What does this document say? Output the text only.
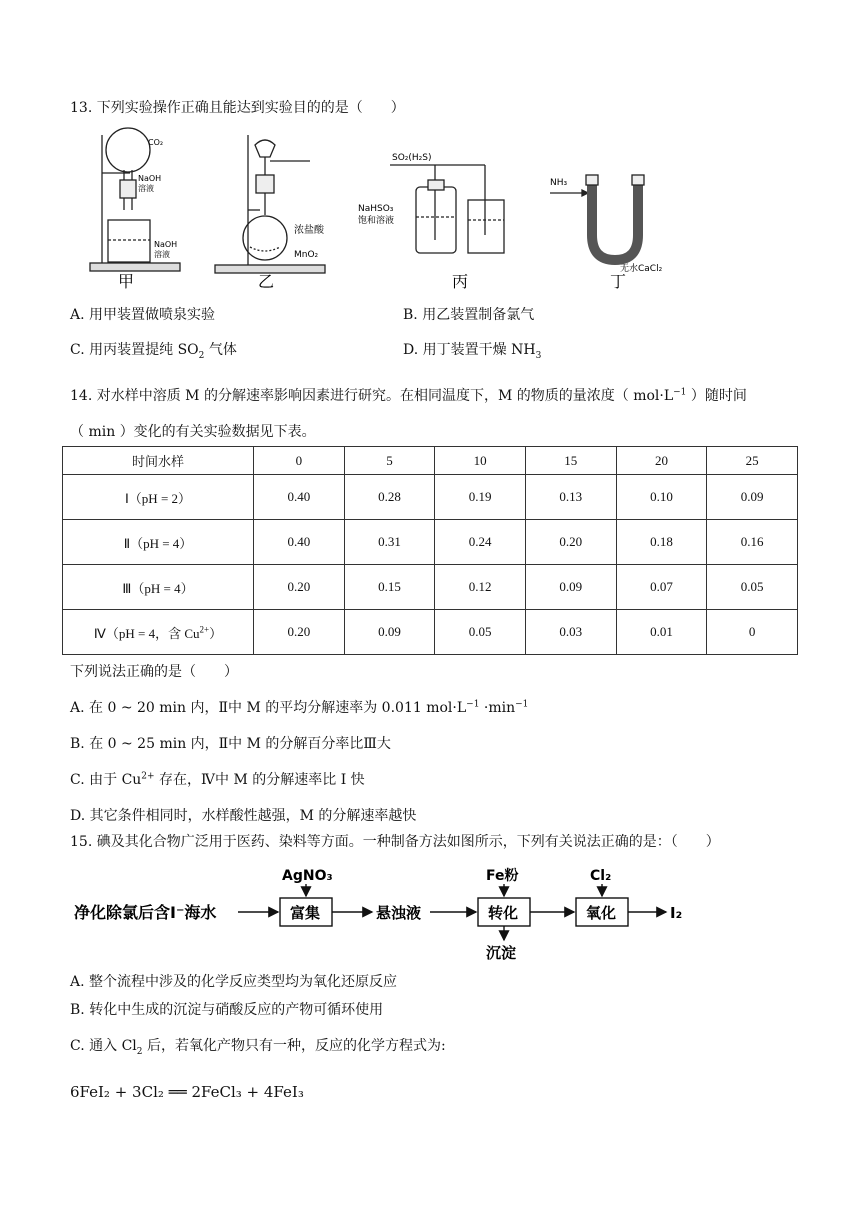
13. 下列实验操作正确且能达到实验目的的是（　　）
CO₂
NaOH
溶液
NaOH
溶液
甲
浓盐酸
MnO₂
乙
SO₂(H₂S)
NaHSO₃
饱和溶液
丙
NH₃
无水CaCl₂
丁
A. 用甲装置做喷泉实验	B. 用乙装置制备氯气
C. 用丙装置提纯 $SO_2$ 气体	D. 用丁装置干燥 $NH_3$
14. 对水样中溶质 M 的分解速率影响因素进行研究。在相同温度下，M 的物质的量浓度（ $mol\cdot L^{-1}$ ）随时间
（ min ）变化的有关实验数据见下表。
时间水样	0	5	10	15	20	25
Ⅰ（pH = 2）	0.40	0.28	0.19	0.13	0.10	0.09
Ⅱ（pH = 4）	0.40	0.31	0.24	0.20	0.18	0.16
Ⅲ（pH = 4）	0.20	0.15	0.12	0.09	0.07	0.05
Ⅳ（pH = 4，含 $Cu^{2+}$）	0.20	0.09	0.05	0.03	0.01	0
下列说法正确的是（　　）
A. 在 0 ~ 20 min 内，Ⅱ中 M 的平均分解速率为 0.011 $mol\cdot L^{-1} \cdot\min^{-1}$
B. 在 0 ~ 25 min 内，Ⅱ中 M 的分解百分率比Ⅲ大
C. 由于 $Cu^{2+}$ 存在，Ⅳ中 M 的分解速率比 Ⅰ 快
D. 其它条件相同时，水样酸性越强，M 的分解速率越快
15. 碘及其化合物广泛用于医药、染料等方面。一种制备方法如图所示，下列有关说法正确的是：（　　）
净化除氯后含I⁻海水	富集
AgNO₃
悬浊液	转化
Fe粉
沉淀
氧化
Cl₂
I₂
A. 整个流程中涉及的化学反应类型均为氧化还原反应
B. 转化中生成的沉淀与硝酸反应的产物可循环使用
C. 通入 $Cl_2$ 后，若氧化产物只有一种，反应的化学方程式为:
6FeI₂ + 3Cl₂ ══ 2FeCl₃ + 4FeI₃
